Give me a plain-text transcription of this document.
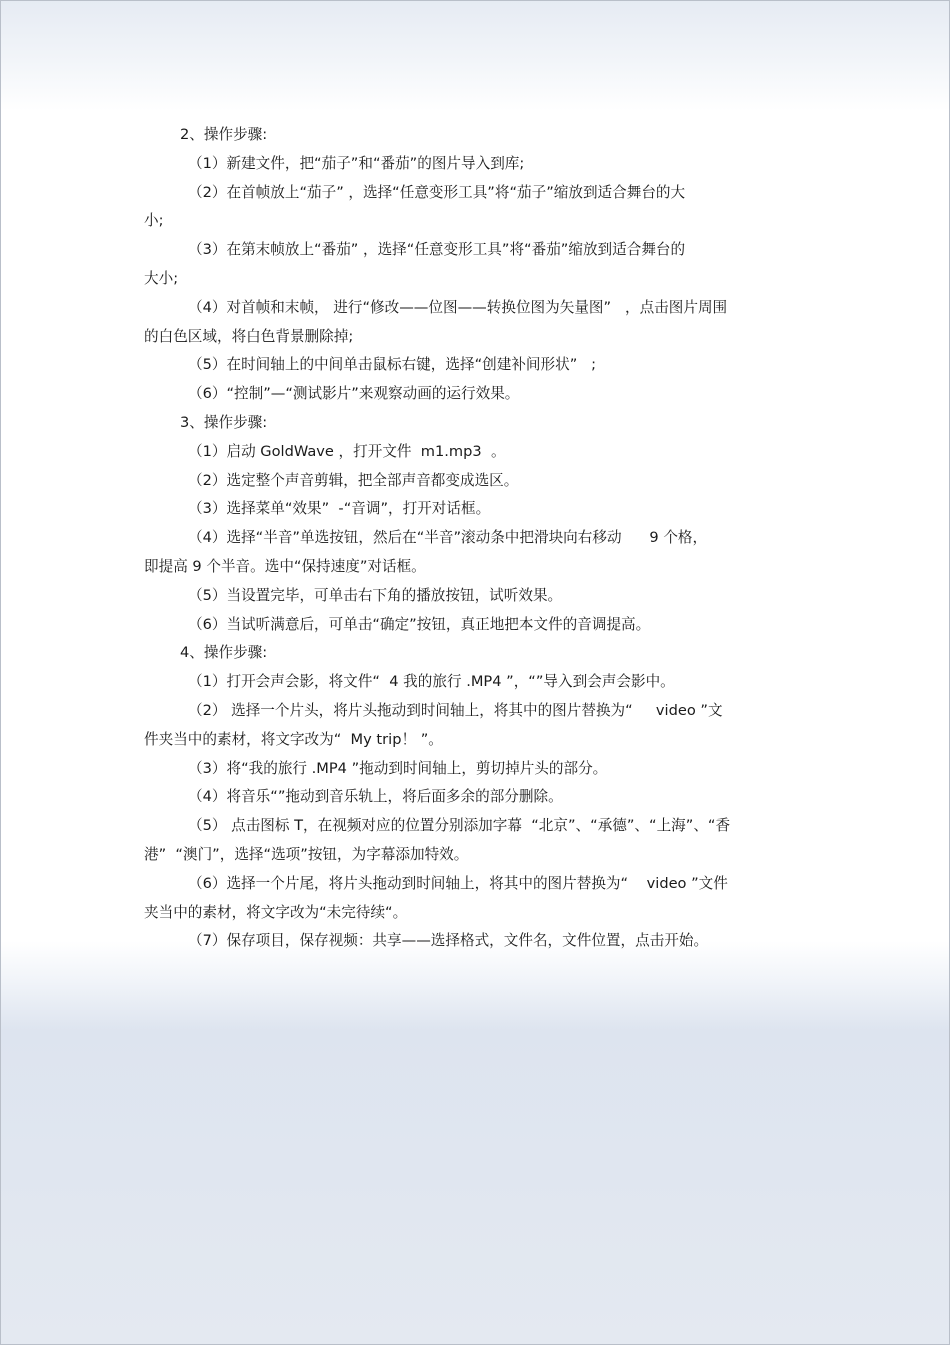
2、操作步骤:
（1）新建文件，把“茄子”和“番茄”的图片导入到库;
（2）在首帧放上“茄子” ，选择“任意变形工具”将“茄子”缩放到适合舞台的大
小;
（3）在第末帧放上“番茄” ，选择“任意变形工具”将“番茄”缩放到适合舞台的
大小;
（4）对首帧和末帧， 进行“修改——位图——转换位图为矢量图”   ，点击图片周围
的白色区域，将白色背景删除掉;
（5）在时间轴上的中间单击鼠标右键，选择“创建补间形状”   ;
（6）“控制”—“测试影片”来观察动画的运行效果。
3、操作步骤:
（1）启动 GoldWave ，打开文件  m1.mp3  。
（2）选定整个声音剪辑，把全部声音都变成选区。
（3）选择菜单“效果”  -“音调”，打开对话框。
（4）选择“半音”单选按钮，然后在“半音”滚动条中把滑块向右移动      9 个格，
即提高 9 个半音。选中“保持速度”对话框。
（5）当设置完毕，可单击右下角的播放按钮，试听效果。
（6）当试听满意后，可单击“确定”按钮，真正地把本文件的音调提高。
4、操作步骤:
（1）打开会声会影，将文件“  4 我的旅行 .MP4 ”，“”导入到会声会影中。
（2） 选择一个片头，将片头拖动到时间轴上，将其中的图片替换为“     video ”文
件夹当中的素材，将文字改为“  My trip！ ”。
（3）将“我的旅行 .MP4 ”拖动到时间轴上，剪切掉片头的部分。
（4）将音乐“”拖动到音乐轨上，将后面多余的部分删除。
（5） 点击图标 T，在视频对应的位置分别添加字幕  “北京”、“承德”、“上海”、“香
港”  “澳门”，选择“选项”按钮，为字幕添加特效。
（6）选择一个片尾，将片头拖动到时间轴上，将其中的图片替换为“    video ”文件
夹当中的素材，将文字改为“未完待续“。
（7）保存项目，保存视频：共享——选择格式，文件名，文件位置，点击开始。
